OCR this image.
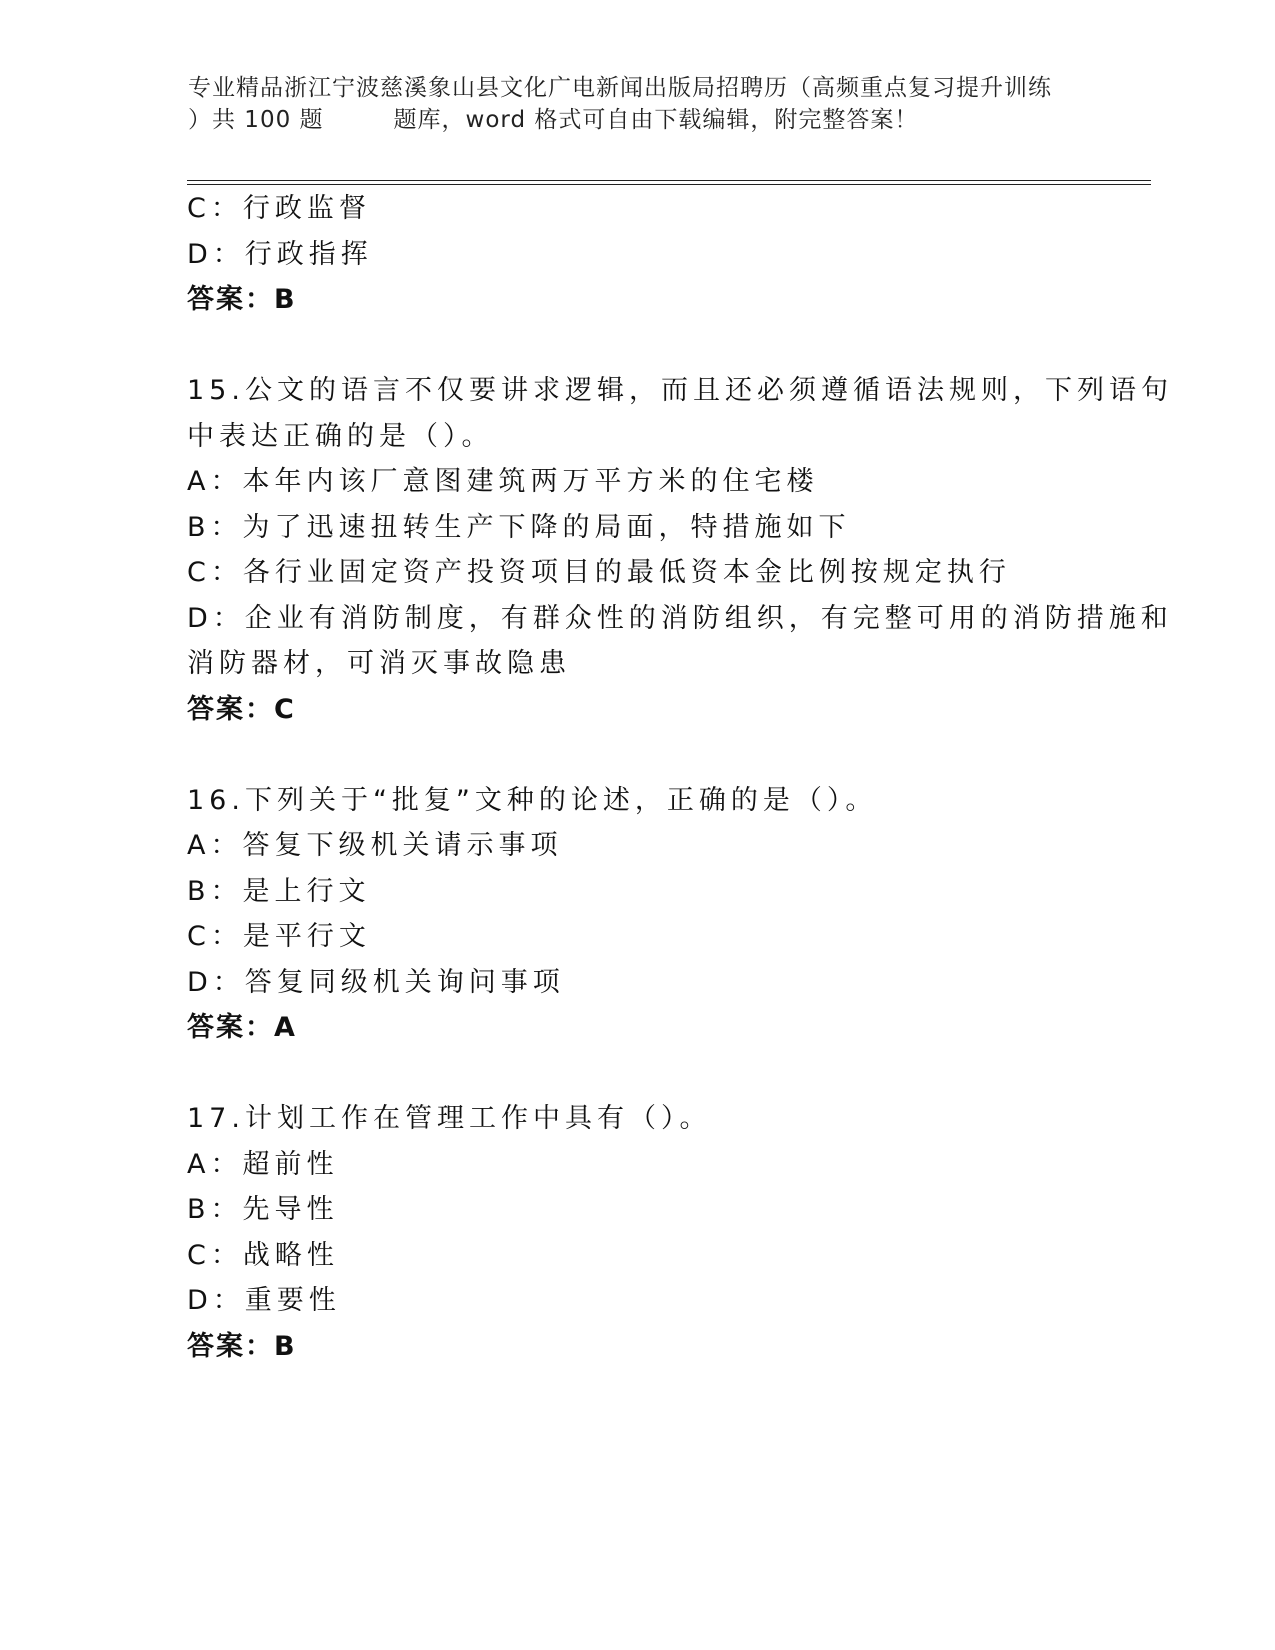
专业精品浙江宁波慈溪象山县文化广电新闻出版局招聘历（高频重点复习提升训练
）共 100 题	题库，word 格式可自由下载编辑，附完整答案！
C：行政监督
D：行政指挥
答案：B
15.公文的语言不仅要讲求逻辑，而且还必须遵循语法规则，下列语句
中表达正确的是（）。
A：本年内该厂意图建筑两万平方米的住宅楼
B：为了迅速扭转生产下降的局面，特措施如下
C：各行业固定资产投资项目的最低资本金比例按规定执行
D：企业有消防制度，有群众性的消防组织，有完整可用的消防措施和
消防器材，可消灭事故隐患
答案：C
16.下列关于“批复”文种的论述，正确的是（）。
A：答复下级机关请示事项
B：是上行文
C：是平行文
D：答复同级机关询问事项
答案：A
17.计划工作在管理工作中具有（）。
A：超前性
B：先导性
C：战略性
D：重要性
答案：B
